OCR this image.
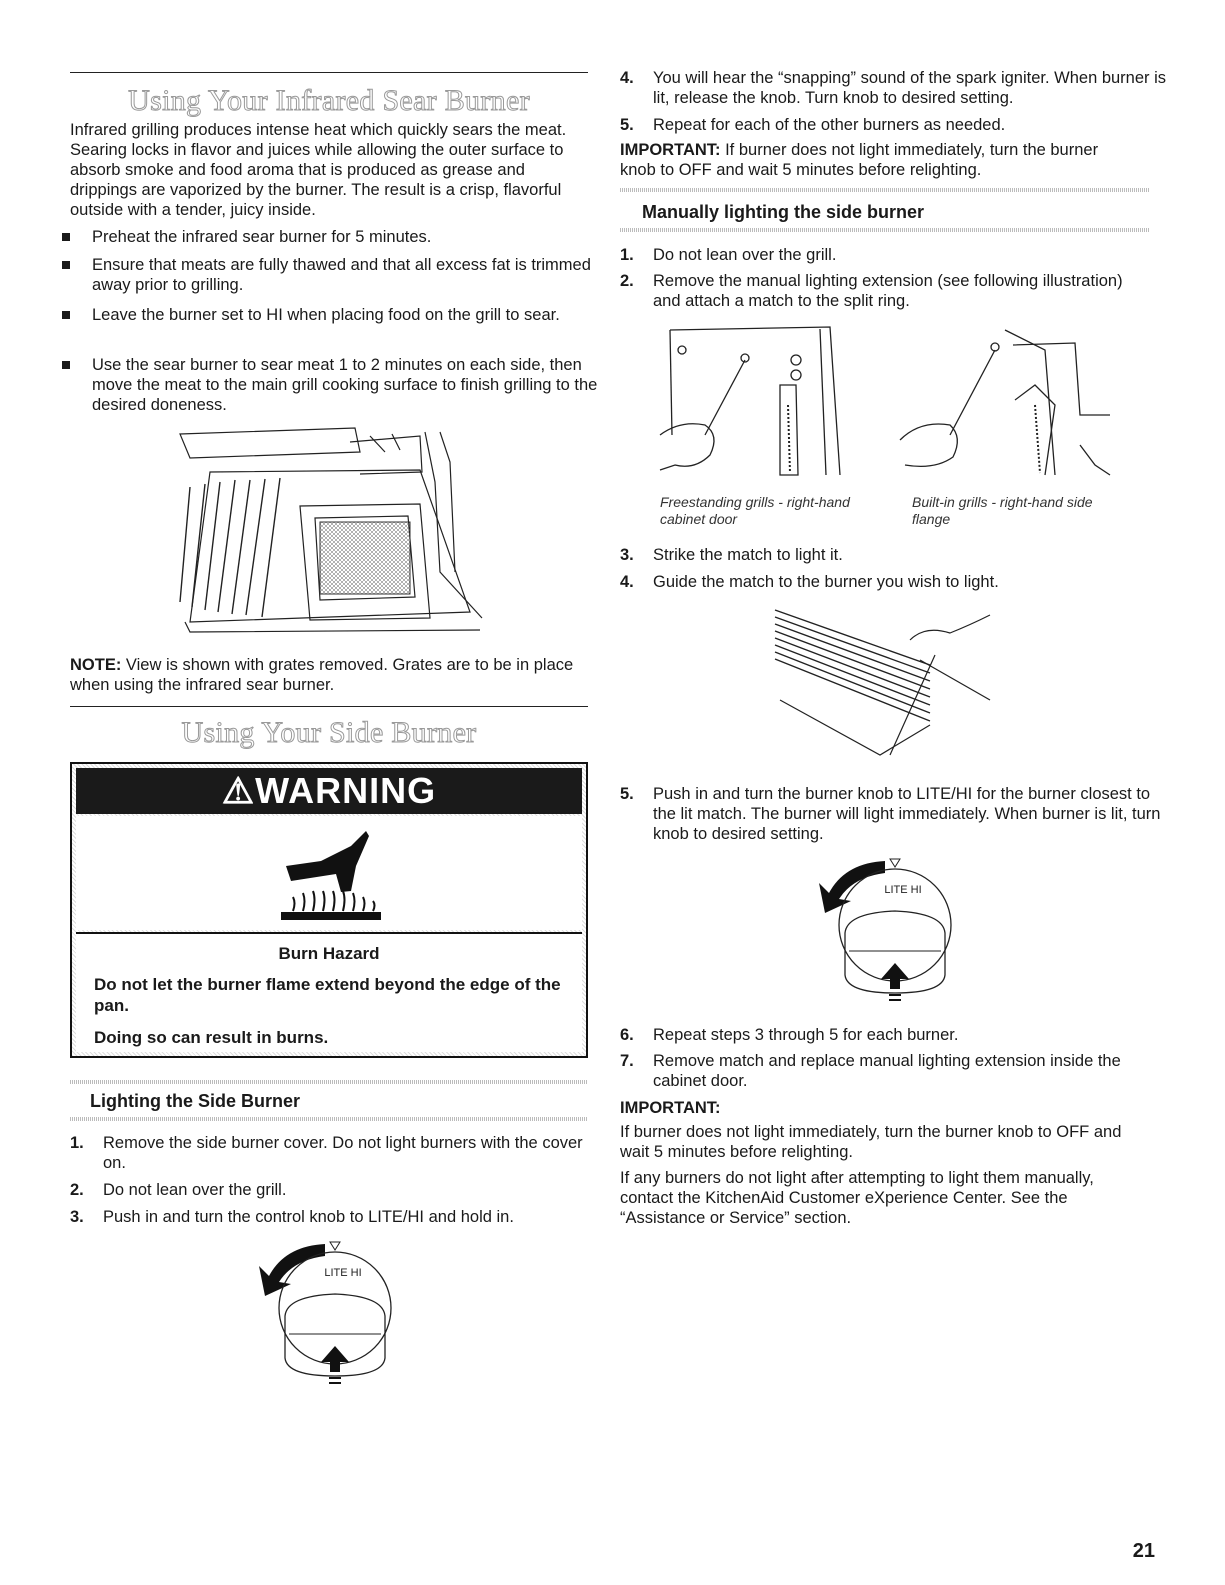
Using Your Infrared Sear Burner
Infrared grilling produces intense heat which quickly sears the meat. Searing locks in flavor and juices while allowing the outer surface to absorb smoke and food aroma that is produced as grease and drippings are vaporized by the burner. The result is a crisp, flavorful outside with a tender, juicy inside.
Preheat the infrared sear burner for 5 minutes.
Ensure that meats are fully thawed and that all excess fat is trimmed away prior to grilling.
Leave the burner set to HI when placing food on the grill to sear.
Use the sear burner to sear meat 1 to 2 minutes on each side, then move the meat to the main grill cooking surface to finish grilling to the desired doneness.
NOTE: View is shown with grates removed. Grates are to be in place when using the infrared sear burner.
Using Your Side Burner
⚠WARNING
Burn Hazard
Do not let the burner flame extend beyond the edge of the pan.
Doing so can result in burns.
Lighting the Side Burner
1. Remove the side burner cover. Do not light burners with the cover on.
2. Do not lean over the grill.
3. Push in and turn the control knob to LITE/HI and hold in.
LITE HI
4. You will hear the “snapping” sound of the spark igniter. When burner is lit, release the knob. Turn knob to desired setting.
5. Repeat for each of the other burners as needed.
IMPORTANT: If burner does not light immediately, turn the burner knob to OFF and wait 5 minutes before relighting.
Manually lighting the side burner
1. Do not lean over the grill.
2. Remove the manual lighting extension (see following illustration) and attach a match to the split ring.
Freestanding grills - right-hand cabinet door
Built-in grills - right-hand side flange
3. Strike the match to light it.
4. Guide the match to the burner you wish to light.
5. Push in and turn the burner knob to LITE/HI for the burner closest to the lit match. The burner will light immediately. When burner is lit, turn knob to desired setting.
LITE HI
6. Repeat steps 3 through 5 for each burner.
7. Remove match and replace manual lighting extension inside the cabinet door.
IMPORTANT:
If burner does not light immediately, turn the burner knob to OFF and wait 5 minutes before relighting.
If any burners do not light after attempting to light them manually, contact the KitchenAid Customer eXperience Center. See the “Assistance or Service” section.
21
